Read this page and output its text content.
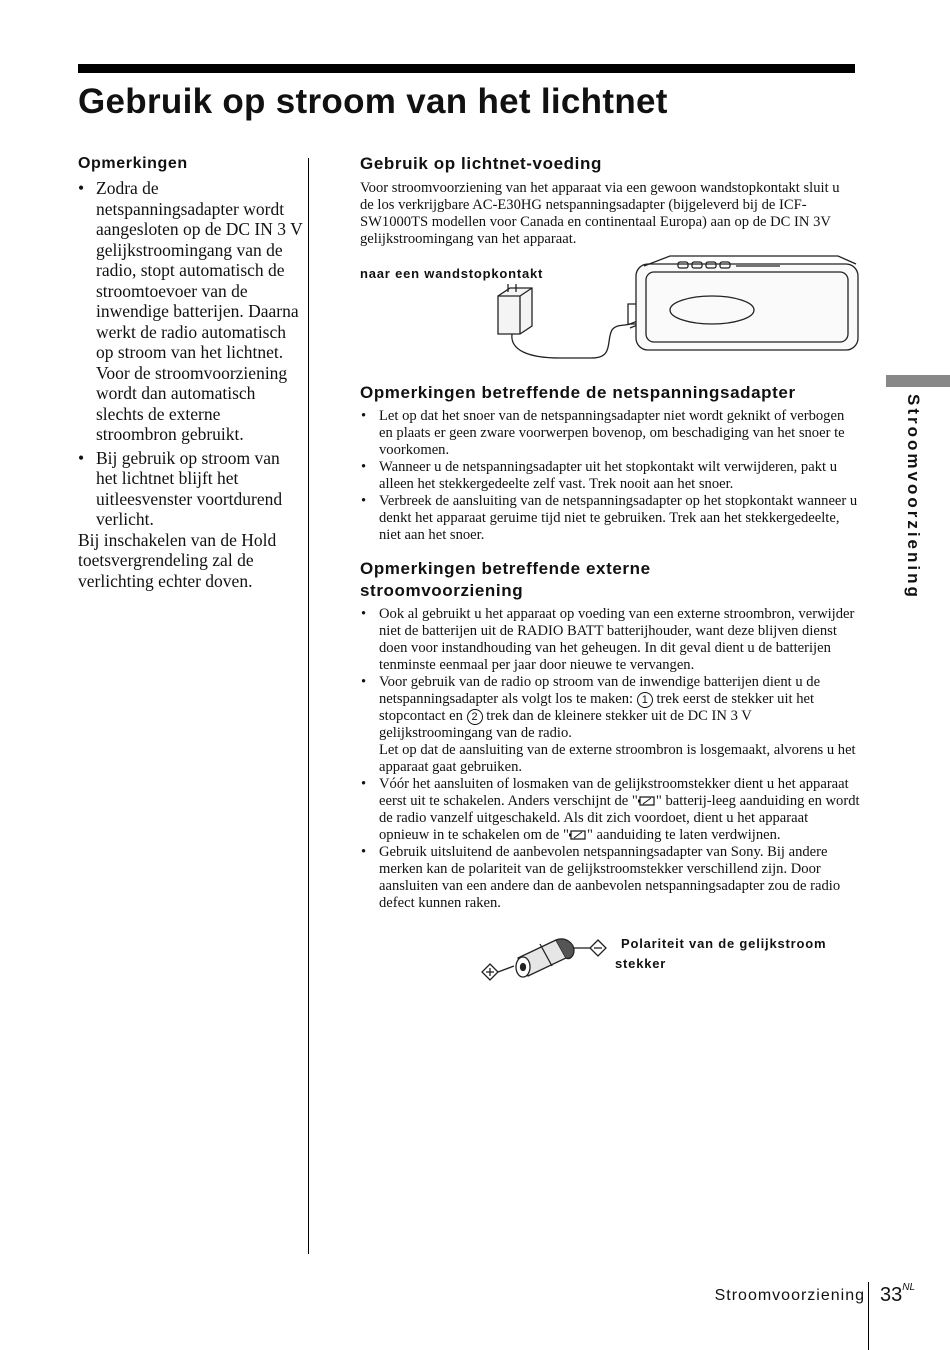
Gebruik op stroom van het lichtnet
Opmerkingen
• Zodra de netspanningsadapter wordt aangesloten op de DC IN 3 V gelijkstroomingang van de radio, stopt automatisch de stroomtoevoer van de inwendige batterijen. Daarna werkt de radio automatisch op stroom van het lichtnet. Voor de stroomvoorziening wordt dan automatisch slechts de externe stroombron gebruikt.
• Bij gebruik op stroom van het lichtnet blijft het uitleesvenster voortdurend verlicht.
Bij inschakelen van de Hold toetsvergrendeling zal de verlichting echter doven.
Gebruik op lichtnet-voeding

Voor stroomvoorziening van het apparaat via een gewoon wandstopkontakt sluit u de los verkrijgbare AC-E30HG netspanningsadapter (bijgeleverd bij de ICF-SW1000TS modellen voor Canada en continentaal Europa) aan op de DC IN 3V gelijkstroomingang van het apparaat.

naar een wandstopkontakt
Opmerkingen betreffende de netspanningsadapter
• Let op dat het snoer van de netspanningsadapter niet wordt geknikt of verbogen en plaats er geen zware voorwerpen bovenop, om beschadiging van het snoer te voorkomen.
• Wanneer u de netspanningsadapter uit het stopkontakt wilt verwijderen, pakt u alleen het stekkergedeelte zelf vast. Trek nooit aan het snoer.
• Verbreek de aansluiting van de netspanningsadapter op het stopkontakt wanneer u denkt het apparaat geruime tijd niet te gebruiken. Trek aan het stekkergedeelte, niet aan het snoer.
Opmerkingen betreffende externe stroomvoorziening
• Ook al gebruikt u het apparaat op voeding van een externe stroombron, verwijder niet de batterijen uit de RADIO BATT batterijhouder, want deze blijven dienst doen voor instandhouding van het geheugen. In dit geval dient u de batterijen tenminste eenmaal per jaar door nieuwe te vervangen.
• Voor gebruik van de radio op stroom van de inwendige batterijen dient u de netspanningsadapter als volgt los te maken: 1 trek eerst de stekker uit het stopcontact en 2 trek dan de kleinere stekker uit de DC IN 3 V gelijkstroomingang van de radio.
Let op dat de aansluiting van de externe stroombron is losgemaakt, alvorens u het apparaat gaat gebruiken.
• Vóór het aansluiten of losmaken van de gelijkstroomstekker dient u het apparaat eerst uit te schakelen. Anders verschijnt de " " batterij-leeg aanduiding en wordt de radio vanzelf uitgeschakeld. Als dit zich voordoet, dient u het apparaat opnieuw in te schakelen om de " " aanduiding te laten verdwijnen.
• Gebruik uitsluitend de aanbevolen netspanningsadapter van Sony. Bij andere merken kan de polariteit van de gelijkstroomstekker verschillend zijn. Door aansluiten van een andere dan de aanbevolen netspanningsadapter zou de radio defect kunnen raken.
Polariteit van de gelijkstroom stekker
Stroomvoorziening
Stroomvoorziening $33^{NL}$
